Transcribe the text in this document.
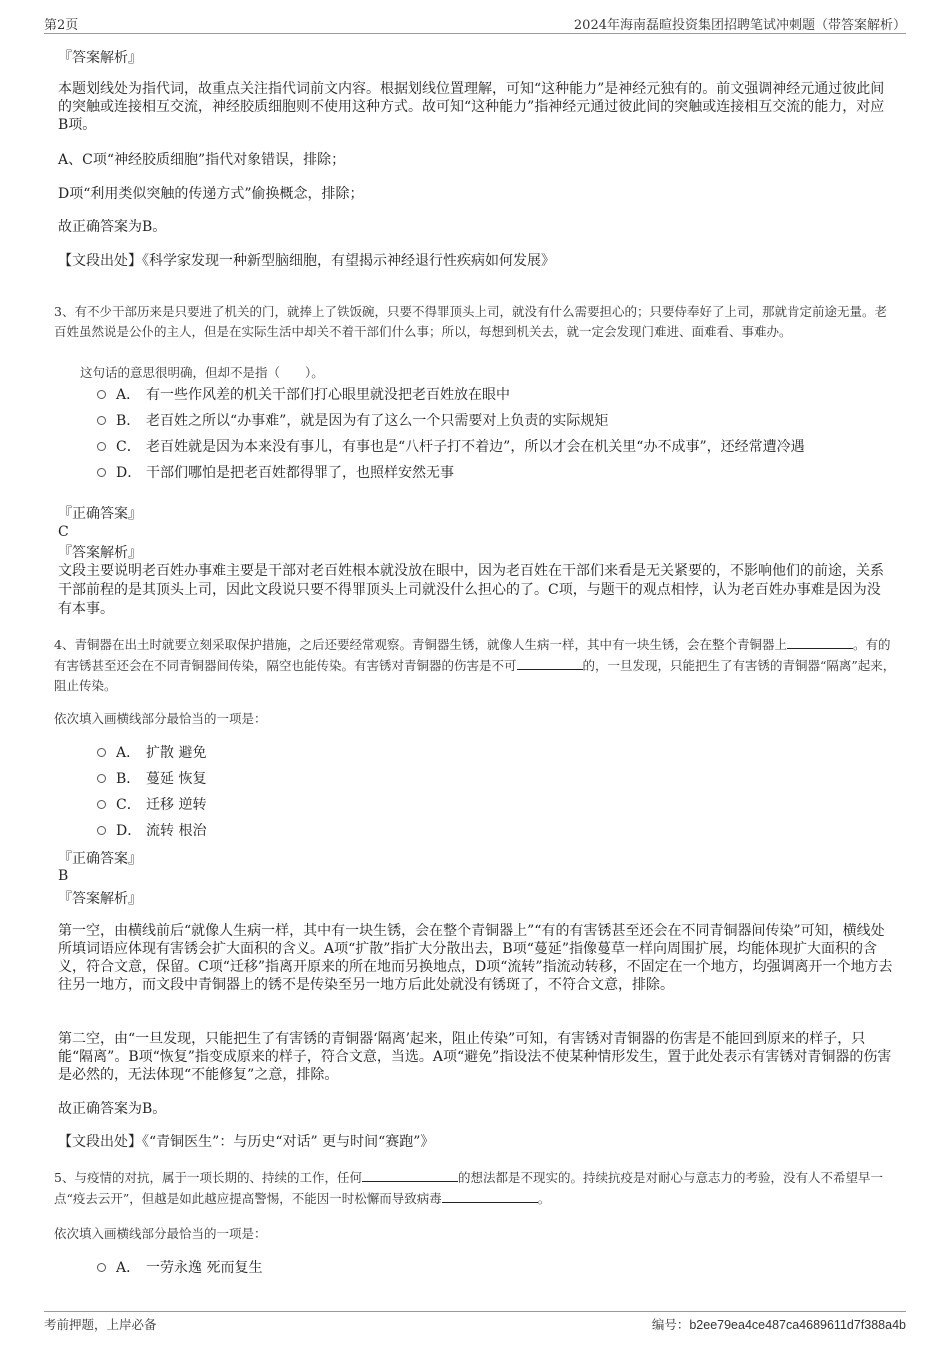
第2页	2024年海南磊暄投资集团招聘笔试冲刺题（带答案解析）
『答案解析』
本题划线处为指代词，故重点关注指代词前文内容。根据划线位置理解，可知“这种能力”是神经元独有的。前文强调神经元通过彼此间的突触或连接相互交流，神经胶质细胞则不使用这种方式。故可知“这种能力”指神经元通过彼此间的突触或连接相互交流的能力，对应B项。
A、C项“神经胶质细胞”指代对象错误，排除；
D项“利用类似突触的传递方式”偷换概念，排除；
故正确答案为B。
【文段出处】《科学家发现一种新型脑细胞，有望揭示神经退行性疾病如何发展》
3、有不少干部历来是只要进了机关的门，就捧上了铁饭碗，只要不得罪顶头上司，就没有什么需要担心的；只要侍奉好了上司，那就肯定前途无量。老百姓虽然说是公仆的主人，但是在实际生活中却关不着干部们什么事；所以，每想到机关去，就一定会发现门难进、面难看、事难办。
这句话的意思很明确，但却不是指（　　）。
A． 有一些作风差的机关干部们打心眼里就没把老百姓放在眼中
B． 老百姓之所以“办事难”，就是因为有了这么一个只需要对上负责的实际规矩
C． 老百姓就是因为本来没有事儿，有事也是“八杆子打不着边”，所以才会在机关里“办不成事”，还经常遭冷遇
D． 干部们哪怕是把老百姓都得罪了，也照样安然无事
『正确答案』
C
『答案解析』
文段主要说明老百姓办事难主要是干部对老百姓根本就没放在眼中，因为老百姓在干部们来看是无关紧要的，不影响他们的前途，关系干部前程的是其顶头上司，因此文段说只要不得罪顶头上司就没什么担心的了。C项，与题干的观点相悖，认为老百姓办事难是因为没有本事。
4、青铜器在出土时就要立刻采取保护措施，之后还要经常观察。青铜器生锈，就像人生病一样，其中有一块生锈，会在整个青铜器上	。有的有害锈甚至还会在不同青铜器间传染，隔空也能传染。有害锈对青铜器的伤害是不可	的，一旦发现，只能把生了有害锈的青铜器“隔离”起来，阻止传染。
依次填入画横线部分最恰当的一项是：
A． 扩散 避免
B． 蔓延 恢复
C． 迁移 逆转
D． 流转 根治
『正确答案』
B
『答案解析』
第一空，由横线前后“就像人生病一样，其中有一块生锈，会在整个青铜器上”“有的有害锈甚至还会在不同青铜器间传染”可知，横线处所填词语应体现有害锈会扩大面积的含义。A项“扩散”指扩大分散出去，B项“蔓延”指像蔓草一样向周围扩展，均能体现扩大面积的含义，符合文意，保留。C项“迁移”指离开原来的所在地而另换地点，D项“流转”指流动转移，不固定在一个地方，均强调离开一个地方去往另一地方，而文段中青铜器上的锈不是传染至另一地方后此处就没有锈斑了，不符合文意，排除。
第二空，由“一旦发现，只能把生了有害锈的青铜器‘隔离’起来，阻止传染”可知，有害锈对青铜器的伤害是不能回到原来的样子，只能“隔离”。B项“恢复”指变成原来的样子，符合文意，当选。A项“避免”指设法不使某种情形发生，置于此处表示有害锈对青铜器的伤害是必然的，无法体现“不能修复”之意，排除。
故正确答案为B。
【文段出处】《“青铜医生”：与历史“对话” 更与时间“赛跑”》
5、与疫情的对抗，属于一项长期的、持续的工作，任何	的想法都是不现实的。持续抗疫是对耐心与意志力的考验，没有人不希望早一点“疫去云开”，但越是如此越应提高警惕，不能因一时松懈而导致病毒	。
依次填入画横线部分最恰当的一项是：
A． 一劳永逸 死而复生
考前押题，上岸必备	编号：b2ee79ea4ce487ca4689611d7f388a4b
